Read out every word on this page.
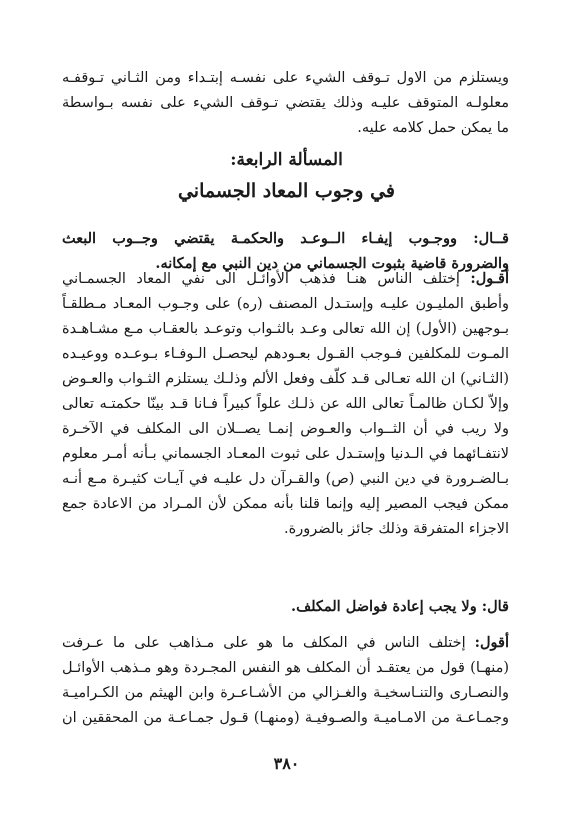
ويستلزم من الاول تـوقف الشيء على نفسـه إبتـداء ومن الثـاني تـوقفـه
معلولـه المتوقف عليـه وذلك يقتضي تـوقف الشيء على نفسه بـواسطة
ما يمكن حمل كلامه عليه.
المسألة الرابعة:
في وجوب المعاد الجسماني
قــال: ووجـوب إيفـاء الــوعـد والحكمـة يقتضي وجــوب البعث
والضرورة قاضية بثبوت الجسماني من دين النبي مع إمكانه.
أقـول: إختلف الناس هنـا فذهب الأوائـل الى نفي المعاد الجسمـاني
وأطبق المليـون عليـه وإستـدل المصنف (ره) على وجـوب المعـاد مـطلقـاً
بـوجهين (الأول) إن الله تعالى وعـد بالثـواب وتوعـد بالعقـاب مـع مشـاهـدة
المـوت للمكلفين فـوجب القـول بعـودهم ليحصـل الـوفـاء بـوعـده ووعيـده
(الثـاني) ان الله تعـالى قـد كلّف وفعل الألم وذلـك يستلزم الثـواب والعـوض
وإلاّ لكـان ظالمـاً تعالى الله عن ذلـك علواً كبيراً فـانا قـد بينّا حكمتـه تعالى
ولا ريب في أن الثــواب والعـوض إنمـا يصــلان الى المكلف في الآخـرة
لانتفـائهما في الـدنيا وإستـدل على ثبوت المعـاد الجسماني بـأنه أمـر معلوم
بـالضـرورة في دين النبي (ص) والقـرآن دل عليـه في آيـات كثيـرة مـع أنـه
ممكن فيجب المصير إليه وإنما قلنا بأنه ممكن لأن المـراد من الاعادة جمع
الاجزاء المتفرقة وذلك جائز بالضرورة.
قال: ولا يجب إعادة فواضل المكلف.
أقول: إختلف الناس في المكلف ما هو على مـذاهب على ما عـرفت
(منهـا) قول من يعتقـد أن المكلف هو النفس المجـردة وهو مـذهب الأوائـل
والنصـارى والتنـاسخيـة والغـزالي من الأشـاعـرة وابن الهيثم من الكـراميـة
وجمـاعـة من الامـاميـة والصـوفيـة (ومنهـا) قـول جمـاعـة من المحققين ان
٣٨٠
